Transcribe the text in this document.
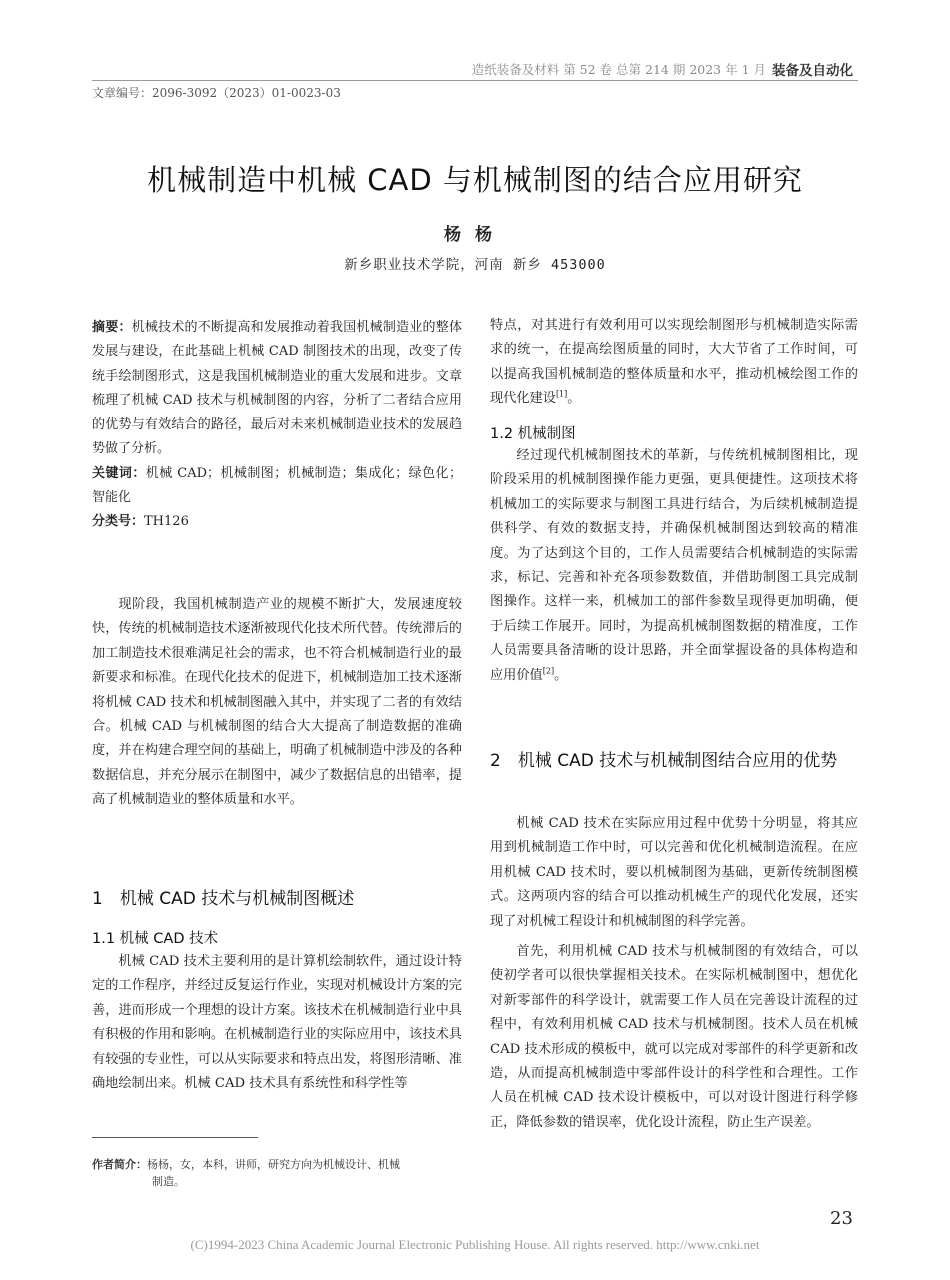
造纸装备及材料 第 52 卷 总第 214 期 2023 年 1 月 装备及自动化
文章编号：2096-3092（2023）01-0023-03
机械制造中机械 CAD 与机械制图的结合应用研究
杨杨
新乡职业技术学院，河南 新乡 453000

摘要：机械技术的不断提高和发展推动着我国机械制造业的整体发展与建设，在此基础上机械 CAD 制图技术的出现，改变了传统手绘制图形式，这是我国机械制造业的重大发展和进步。文章梳理了机械 CAD 技术与机械制图的内容，分析了二者结合应用的优势与有效结合的路径，最后对未来机械制造业技术的发展趋势做了分析。

关键词：机械 CAD；机械制图；机械制造；集成化；绿色化；智能化

分类号：TH126

现阶段，我国机械制造产业的规模不断扩大，发展速度较快，传统的机械制造技术逐渐被现代化技术所代替。传统滞后的加工制造技术很难满足社会的需求，也不符合机械制造行业的最新要求和标准。在现代化技术的促进下，机械制造加工技术逐渐将机械 CAD 技术和机械制图融入其中，并实现了二者的有效结合。机械 CAD 与机械制图的结合大大提高了制造数据的准确度，并在构建合理空间的基础上，明确了机械制造中涉及的各种数据信息，并充分展示在制图中，减少了数据信息的出错率，提高了机械制造业的整体质量和水平。

1　机械 CAD 技术与机械制图概述
1.1 机械 CAD 技术

机械 CAD 技术主要利用的是计算机绘制软件，通过设计特定的工作程序，并经过反复运行作业，实现对机械设计方案的完善，进而形成一个理想的设计方案。该技术在机械制造行业中具有积极的作用和影响。在机械制造行业的实际应用中，该技术具有较强的专业性，可以从实际要求和特点出发，将图形清晰、准确地绘制出来。机械 CAD 技术具有系统性和科学性等

作者简介：杨杨，女，本科，讲师，研究方向为机械设计、机械
制造。

特点，对其进行有效利用可以实现绘制图形与机械制造实际需求的统一，在提高绘图质量的同时，大大节省了工作时间，可以提高我国机械制造的整体质量和水平，推动机械绘图工作的现代化建设[1]。

1.2 机械制图

经过现代机械制图技术的革新，与传统机械制图相比，现阶段采用的机械制图操作能力更强，更具便捷性。这项技术将机械加工的实际要求与制图工具进行结合，为后续机械制造提供科学、有效的数据支持，并确保机械制图达到较高的精准度。为了达到这个目的，工作人员需要结合机械制造的实际需求，标记、完善和补充各项参数数值，并借助制图工具完成制图操作。这样一来，机械加工的部件参数呈现得更加明确，便于后续工作展开。同时，为提高机械制图数据的精准度，工作人员需要具备清晰的设计思路，并全面掌握设备的具体构造和应用价值[2]。

2　机械 CAD 技术与机械制图结合应用的优势

机械 CAD 技术在实际应用过程中优势十分明显，将其应用到机械制造工作中时，可以完善和优化机械制造流程。在应用机械 CAD 技术时，要以机械制图为基础，更新传统制图模式。这两项内容的结合可以推动机械生产的现代化发展，还实现了对机械工程设计和机械制图的科学完善。

首先，利用机械 CAD 技术与机械制图的有效结合，可以使初学者可以很快掌握相关技术。在实际机械制图中，想优化对新零部件的科学设计，就需要工作人员在完善设计流程的过程中，有效利用机械 CAD 技术与机械制图。技术人员在机械 CAD 技术形成的模板中，就可以完成对零部件的科学更新和改造，从而提高机械制造中零部件设计的科学性和合理性。工作人员在机械 CAD 技术设计模板中，可以对设计图进行科学修正，降低参数的错误率，优化设计流程，防止生产误差。

23
(C)1994-2023 China Academic Journal Electronic Publishing House. All rights reserved. http://www.cnki.net
